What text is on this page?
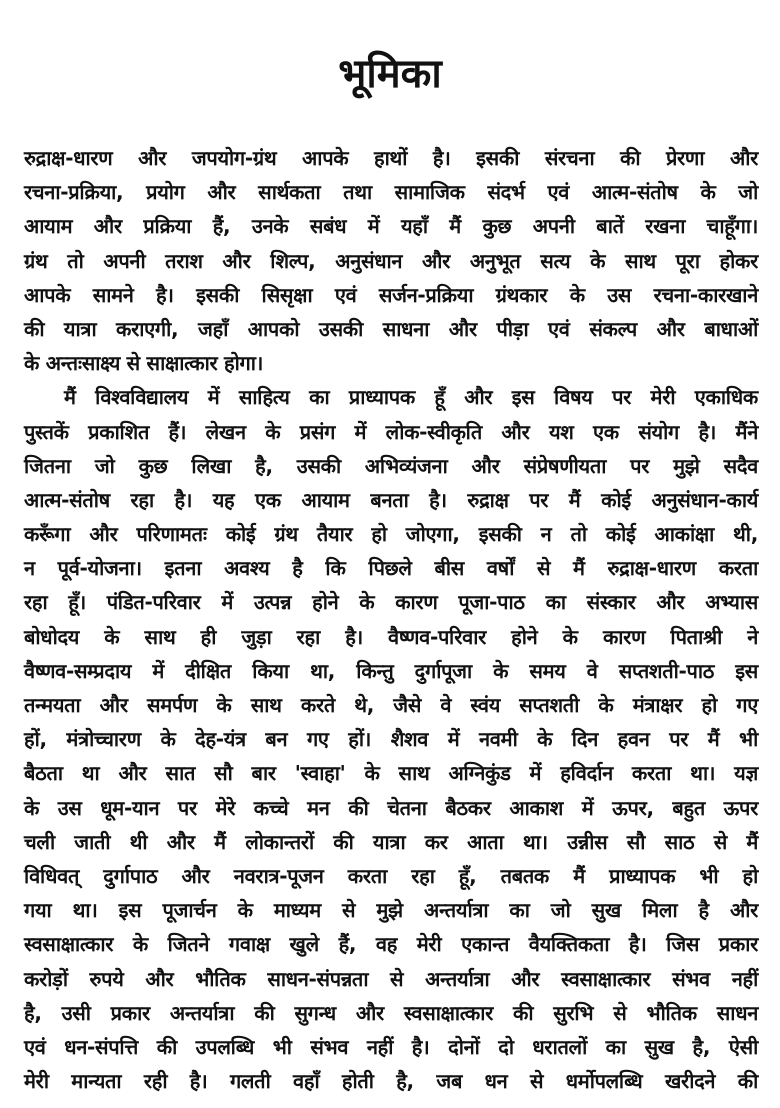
भूमिका
रुद्राक्ष-धारण और जपयोग-ग्रंथ आपके हाथों है। इसकी संरचना की प्रेरणा और
रचना-प्रक्रिया, प्रयोग और सार्थकता तथा सामाजिक संदर्भ एवं आत्म-संतोष के जो
आयाम और प्रक्रिया हैं, उनके सबंध में यहाँ मैं कुछ अपनी बातें रखना चाहूँगा।
ग्रंथ तो अपनी तराश और शिल्प, अनुसंधान और अनुभूत सत्य के साथ पूरा होकर
आपके सामने है। इसकी सिसृक्षा एवं सर्जन-प्रक्रिया ग्रंथकार के उस रचना-कारखाने
की यात्रा कराएगी, जहाँ आपको उसकी साधना और पीड़ा एवं संकल्प और बाधाओं
के अन्तःसाक्ष्य से साक्षात्कार होगा।
मैं विश्वविद्यालय में साहित्य का प्राध्यापक हूँ और इस विषय पर मेरी एकाधिक
पुस्तकें प्रकाशित हैं। लेखन के प्रसंग में लोक-स्वीकृति और यश एक संयोग है। मैंने
जितना जो कुछ लिखा है, उसकी अभिव्यंजना और संप्रेषणीयता पर मुझे सदैव
आत्म-संतोष रहा है। यह एक आयाम बनता है। रुद्राक्ष पर मैं कोई अनुसंधान-कार्य
करूँगा और परिणामतः कोई ग्रंथ तैयार हो जोएगा, इसकी न तो कोई आकांक्षा थी,
न पूर्व-योजना। इतना अवश्य है कि पिछले बीस वर्षों से मैं रुद्राक्ष-धारण करता
रहा हूँ। पंडित-परिवार में उत्पन्न होने के कारण पूजा-पाठ का संस्कार और अभ्यास
बोधोदय के साथ ही जुड़ा रहा है। वैष्णव-परिवार होने के कारण पिताश्री ने
वैष्णव-सम्प्रदाय में दीक्षित किया था, किन्तु दुर्गापूजा के समय वे सप्तशती-पाठ इस
तन्मयता और समर्पण के साथ करते थे, जैसे वे स्वंय सप्तशती के मंत्राक्षर हो गए
हों, मंत्रोच्चारण के देह-यंत्र बन गए हों। शैशव में नवमी के दिन हवन पर मैं भी
बैठता था और सात सौ बार 'स्वाहा' के साथ अग्निकुंड में हविर्दान करता था। यज्ञ
के उस धूम-यान पर मेरे कच्चे मन की चेतना बैठकर आकाश में ऊपर, बहुत ऊपर
चली जाती थी और मैं लोकान्तरों की यात्रा कर आता था। उन्नीस सौ साठ से मैं
विधिवत् दुर्गापाठ और नवरात्र-पूजन करता रहा हूँ, तबतक मैं प्राध्यापक भी हो
गया था। इस पूजार्चन के माध्यम से मुझे अन्तर्यात्रा का जो सुख मिला है और
स्वसाक्षात्कार के जितने गवाक्ष खुले हैं, वह मेरी एकान्त वैयक्तिकता है। जिस प्रकार
करोड़ों रुपये और भौतिक साधन-संपन्नता से अन्तर्यात्रा और स्वसाक्षात्कार संभव नहीं
है, उसी प्रकार अन्तर्यात्रा की सुगन्ध और स्वसाक्षात्कार की सुरभि से भौतिक साधन
एवं धन-संपत्ति की उपलब्धि भी संभव नहीं है। दोनों दो धरातलों का सुख है, ऐसी
मेरी मान्यता रही है। गलती वहाँ होती है, जब धन से धर्मोपलब्धि खरीदने की
